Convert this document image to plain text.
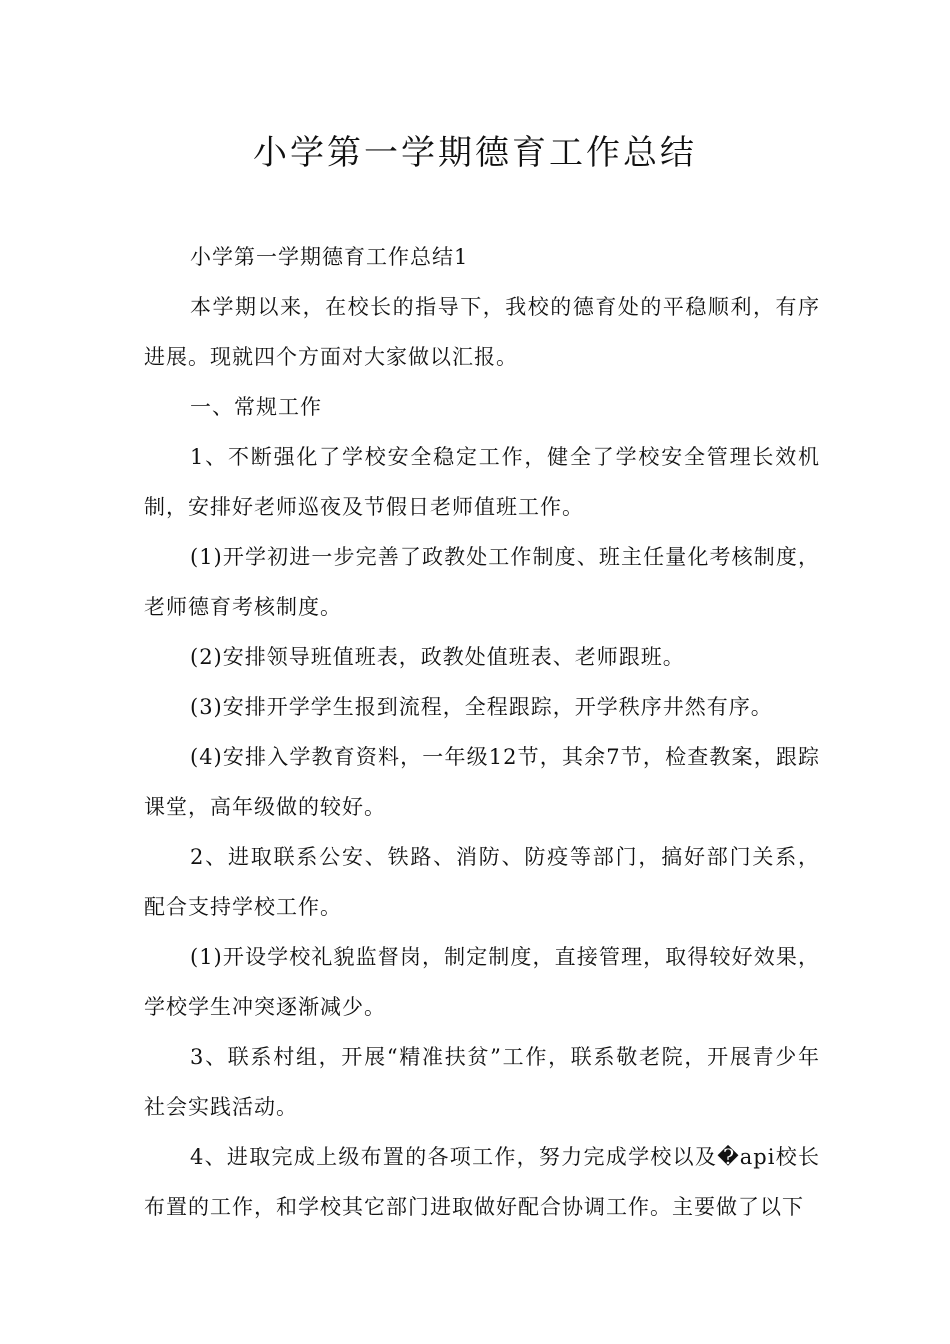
小学第一学期德育工作总结

小学第一学期德育工作总结1

本学期以来，在校长的指导下，我校的德育处的平稳顺利，有序进展。现就四个方面对大家做以汇报。

一、常规工作

1、不断强化了学校安全稳定工作，健全了学校安全管理长效机制，安排好老师巡夜及节假日老师值班工作。

(1)开学初进一步完善了政教处工作制度、班主任量化考核制度，老师德育考核制度。

(2)安排领导班值班表，政教处值班表、老师跟班。

(3)安排开学学生报到流程，全程跟踪，开学秩序井然有序。

(4)安排入学教育资料，一年级12节，其余7节，检查教案，跟踪课堂，高年级做的较好。

2、进取联系公安、铁路、消防、防疫等部门，搞好部门关系，配合支持学校工作。

(1)开设学校礼貌监督岗，制定制度，直接管理，取得较好效果，学校学生冲突逐渐减少。

3、联系村组，开展“精准扶贫”工作，联系敬老院，开展青少年社会实践活动。

4、进取完成上级布置的各项工作，努力完成学校以及�api校长布置的工作，和学校其它部门进取做好配合协调工作。主要做了以下
